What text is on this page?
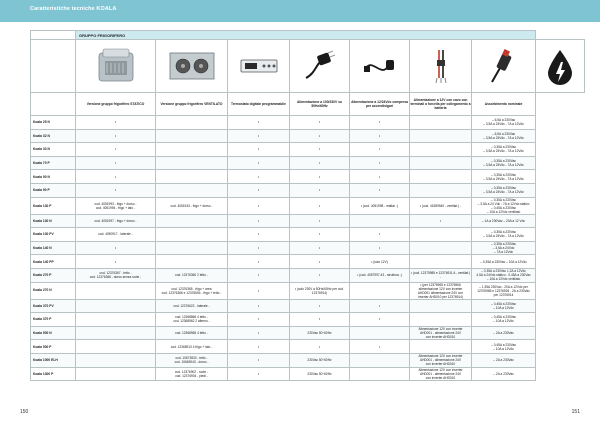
Caratteristiche tecniche KOALA
	GRUPPO FRIGORIFERO							

	Versione gruppo frigorifero STATICO	Versione gruppo frigorifero VENTILATO	Termostato digitale programmabile	Alimentazione a 100/230V su 50Hz/60Hz	Alimentazione a 12/24Vdc compresa per accendisigari	Alimentazione a 12V con cavo con terminali a forcella per collegamento a batteria	Assorbimento nominale	
Koala 25 N	•		•	•	•		– 6,5A a 230Vac
– 3,5A a 24Vdc - 7A a 12Vdc	
Koala 32 N	•		•	•	•		– 6,5A a 230Vac
– 3,5A a 24Vdc - 7A a 12Vdc	
Koala 33 N	•		•	•	•		– 0,35A a 230Vac
– 3,5A a 24Vdc - 7A a 12Vdc	
Koala 70 P	•		•	•	•		– 0,35A a 230Vac
– 3,5A a 24Vdc - 7A a 12Vdc	
Koala 90 N	•		•	•	•		– 0,35A a 230Vac
– 3,5A a 24Vdc - 7A a 12Vdc	
Koala 90 P	•		•	•	•		– 0,35A a 230Vac
– 3,5A a 24Vdc - 7A a 12Vdc	
Koala 130 P	cod. 4051993 - frigo + dorso -
cod. 4051994 - frigo + lato -	cod. 4051943 - frigo + dorso -	•	•	• (cod. 4051998 - mattar -)	• (cod. 41589540 - ventilat.) -	– 0,35A a 230Vac
– 3,5A a 24 Vdc - 7A a 12Vdc statico
– 0,45A a 230Vac
– 10A a 12Vdc ventilato	
Koala 130 N	cod. 4051997 - frigo + dorso -		•	•		•	– 1A a 230Vac – 20A a 12 Vdc	
Koala 130 PV	cod. 4050917 - laterale -		•	•	•		– 0,35A a 230Vac
– 3,5A a 24Vdc - 7A a 12Vdc	
Koala 140 N	•		•	•	•		– 0,35A a 230Vac
– 3,5A a 24Vdc
– 7A a 12Vdc	
Koala 140 PP	•		•	•	• (solo 12V)		– 0,35A a 230Vac – 10A a 12Vdc	
Koala 270 P	cod. 12376367 - tetto -
cod. 12376368 - dorso senza ruote -	cod. 12376360 2 tetto -	•	•	• (cod. 4057997-43 - struttura -)	• (cod. 12375985 e 12376911 A - ventilat.) -	– 0,35A a 230Vac 1,2A a 12Vdc
4,5A a 24Vdc statico - 0,45A a 230Vac
– 10A a 12Vdc ventilato	
Koala 270 N		cod. 12376365 - frigo + area
cod. 12376366 e 12376554 - frigo + tetto -	•	• (solo 230V a 50Hz/60Hz per cod. 12376914)		• (per 12376965 e 12376966
alimentazione 12V con inverter
AHD001 alimentazione 24V con
inverter AHD010 per 12376914)	– 1,35A 230Vac - 20A a 12Vdc per
12376965 e 12376926 - 2A a 230Vac
per 12376914	
Koala 370 PV		cod. 12376622 - laterale -	•	•	•		– 0,45A a 230Vac
– 10A a 12Vdc	
Koala 370 P		cod. 12368866 4 tetto -
cod. 12368962 2 alterno -	•	•	•		– 0,45A a 230Vac
– 10A a 12Vdc	
Koala 500 N		cod. 12368965 4 tetto -	•	230Vac 50÷60Hz		Alimentazione 12V con inverter
AHD001 - alimentazione 24V
con inverter AHD010	– 2A a 230Vac	
Koala 500 P		cod. 12368913 4 frigo + lato -	•	•	•		– 0,45A a 230Vac
– 10A a 12Vdc	
Koala 1000 ELH		cod. 10673833 - tetto -
cod. 10669043 - dorso -	•	230Vac 50÷60Hz		Alimentazione 12V con inverter
AHD001 - alimentazione 24V
con inverter AHD010	– 2A a 230Vac	
Koala 1300 P		cod. 12376902 - ruote -
cod. 12376904 - piedi -	•	230Vac 50÷60Hz		Alimentazione 12V con inverter
AHD001 - alimentazione 24V
con inverter AHD010	– 2A a 230Vac	
150	151
